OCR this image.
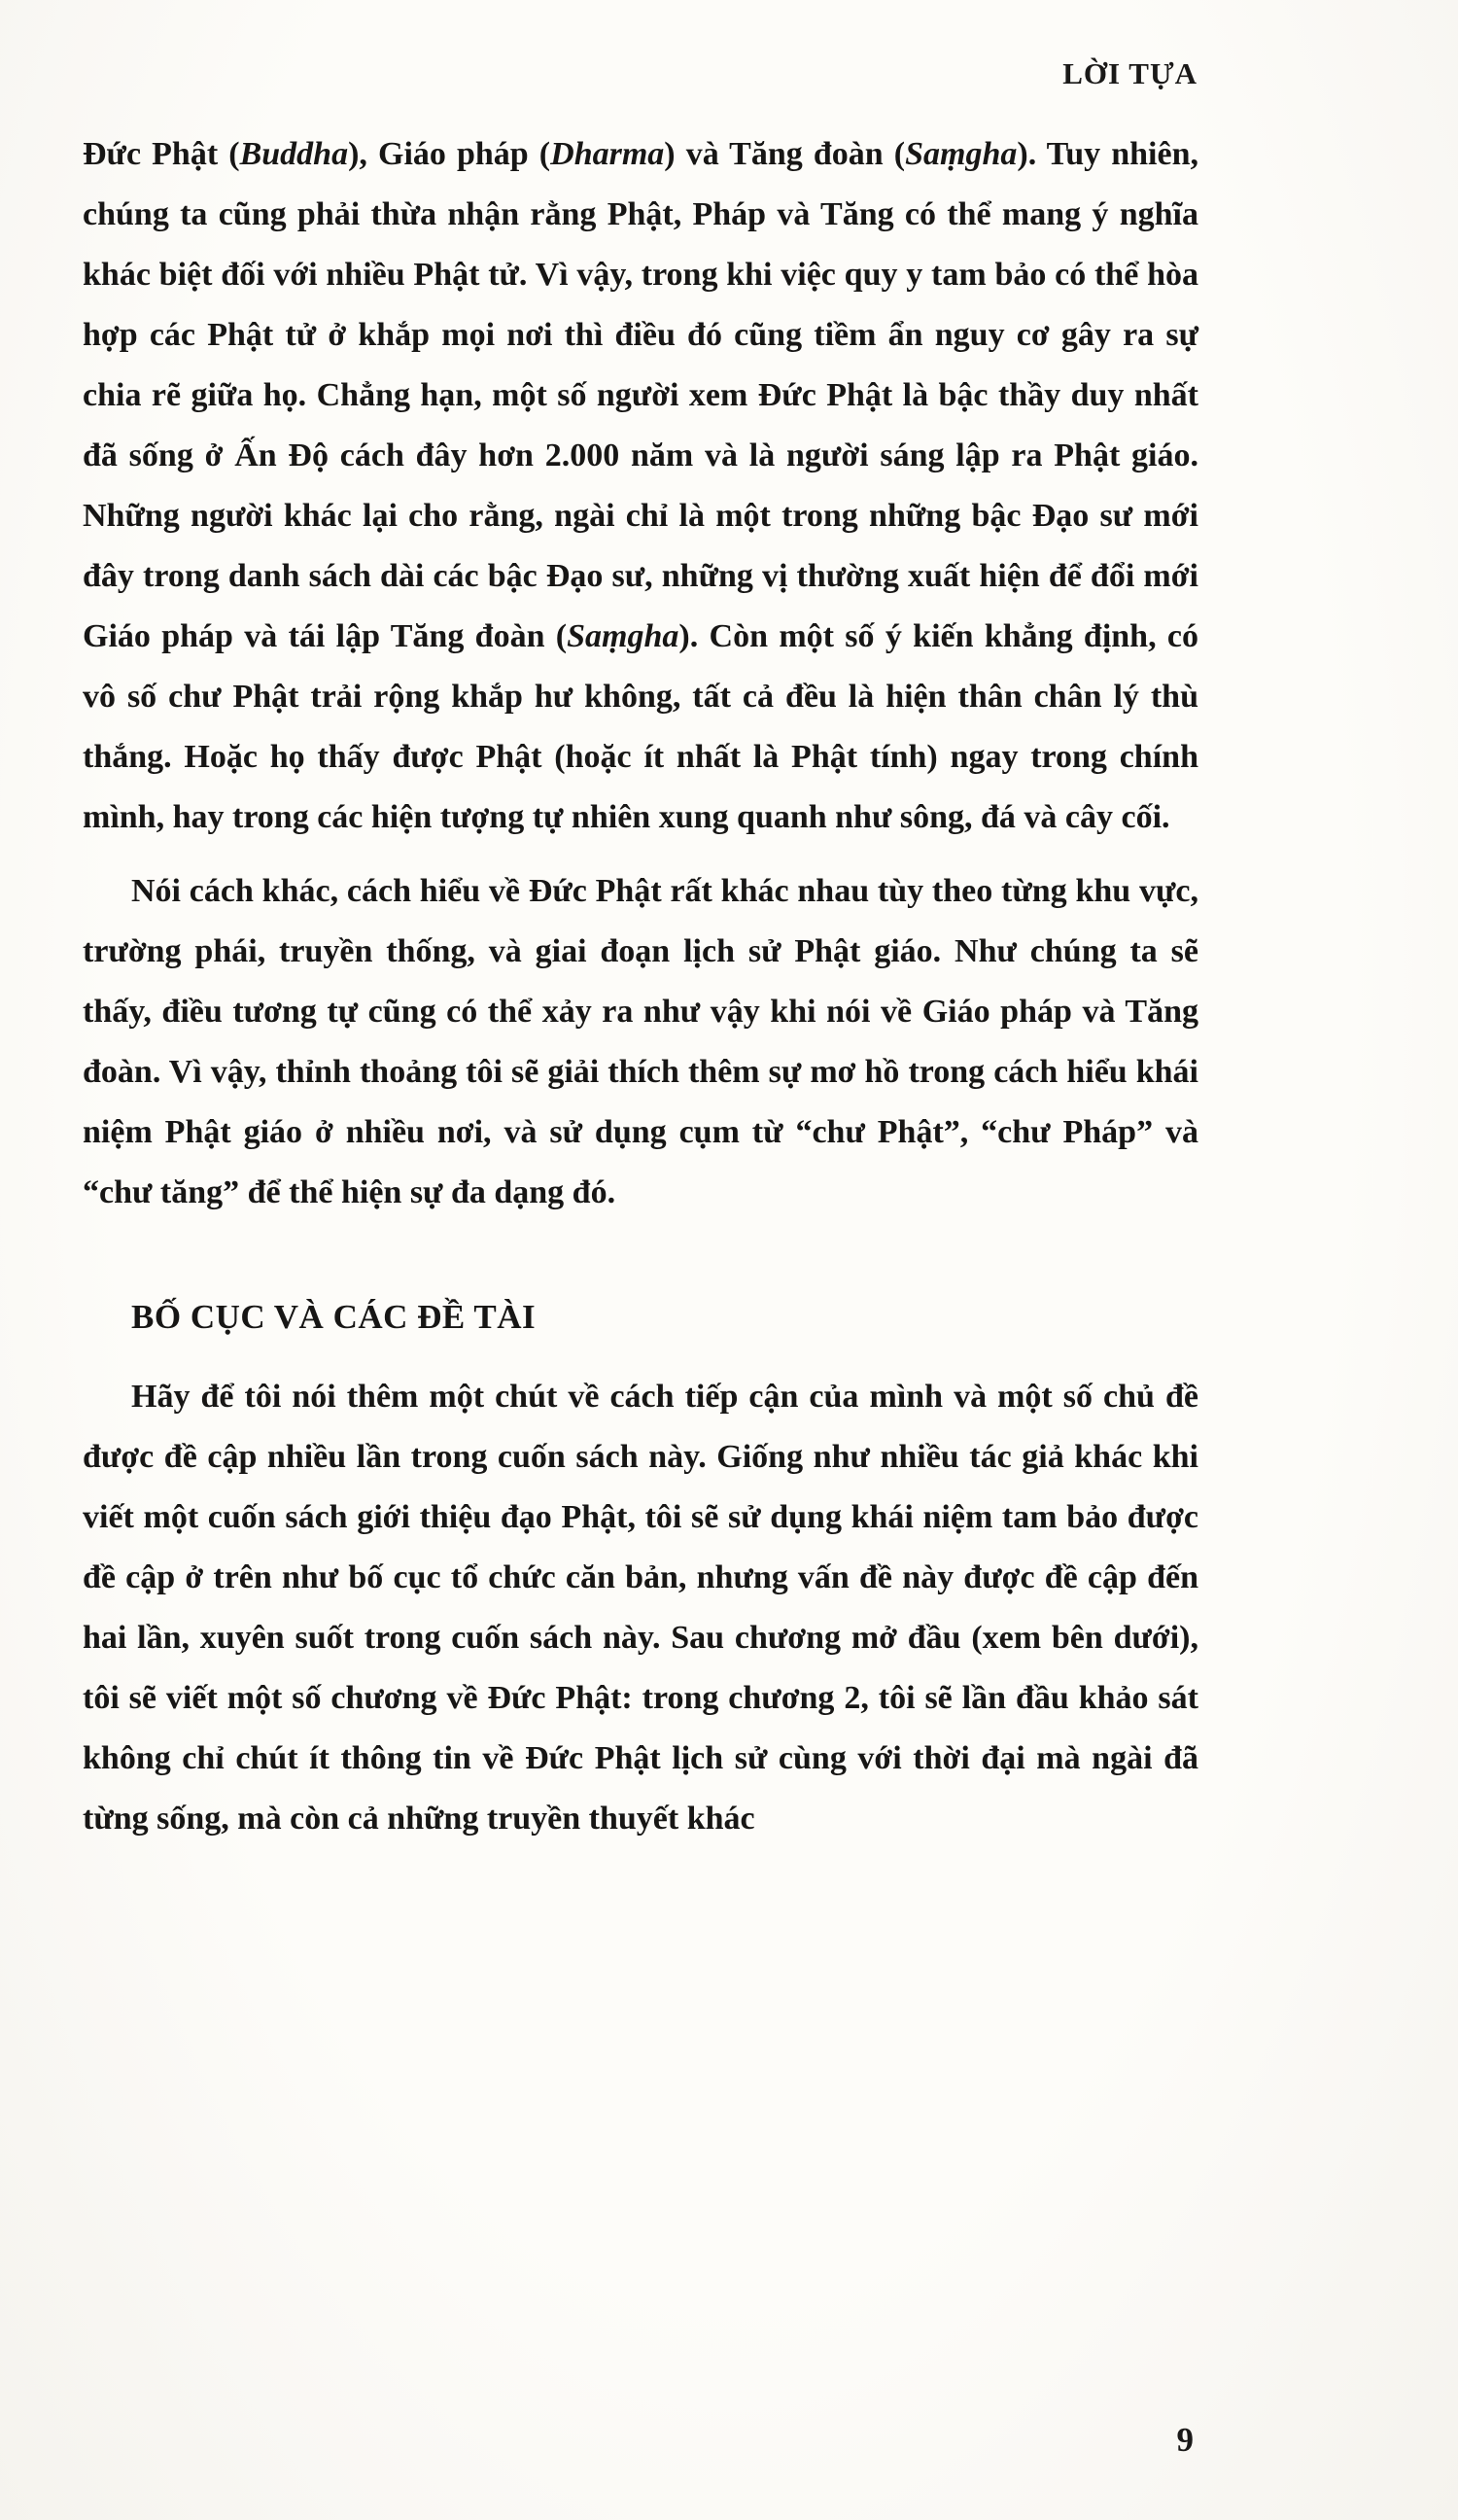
LỜI TỰA

Đức Phật (Buddha), Giáo pháp (Dharma) và Tăng đoàn (Saṃgha). Tuy nhiên, chúng ta cũng phải thừa nhận rằng Phật, Pháp và Tăng có thể mang ý nghĩa khác biệt đối với nhiều Phật tử. Vì vậy, trong khi việc quy y tam bảo có thể hòa hợp các Phật tử ở khắp mọi nơi thì điều đó cũng tiềm ẩn nguy cơ gây ra sự chia rẽ giữa họ. Chẳng hạn, một số người xem Đức Phật là bậc thầy duy nhất đã sống ở Ấn Độ cách đây hơn 2.000 năm và là người sáng lập ra Phật giáo. Những người khác lại cho rằng, ngài chỉ là một trong những bậc Đạo sư mới đây trong danh sách dài các bậc Đạo sư, những vị thường xuất hiện để đổi mới Giáo pháp và tái lập Tăng đoàn (Saṃgha). Còn một số ý kiến khẳng định, có vô số chư Phật trải rộng khắp hư không, tất cả đều là hiện thân chân lý thù thắng. Hoặc họ thấy được Phật (hoặc ít nhất là Phật tính) ngay trong chính mình, hay trong các hiện tượng tự nhiên xung quanh như sông, đá và cây cối.

Nói cách khác, cách hiểu về Đức Phật rất khác nhau tùy theo từng khu vực, trường phái, truyền thống, và giai đoạn lịch sử Phật giáo. Như chúng ta sẽ thấy, điều tương tự cũng có thể xảy ra như vậy khi nói về Giáo pháp và Tăng đoàn. Vì vậy, thỉnh thoảng tôi sẽ giải thích thêm sự mơ hồ trong cách hiểu khái niệm Phật giáo ở nhiều nơi, và sử dụng cụm từ “chư Phật”, “chư Pháp” và “chư tăng” để thể hiện sự đa dạng đó.

BỐ CỤC VÀ CÁC ĐỀ TÀI

Hãy để tôi nói thêm một chút về cách tiếp cận của mình và một số chủ đề được đề cập nhiều lần trong cuốn sách này. Giống như nhiều tác giả khác khi viết một cuốn sách giới thiệu đạo Phật, tôi sẽ sử dụng khái niệm tam bảo được đề cập ở trên như bố cục tổ chức căn bản, nhưng vấn đề này được đề cập đến hai lần, xuyên suốt trong cuốn sách này. Sau chương mở đầu (xem bên dưới), tôi sẽ viết một số chương về Đức Phật: trong chương 2, tôi sẽ lần đầu khảo sát không chỉ chút ít thông tin về Đức Phật lịch sử cùng với thời đại mà ngài đã từng sống, mà còn cả những truyền thuyết khác

9
